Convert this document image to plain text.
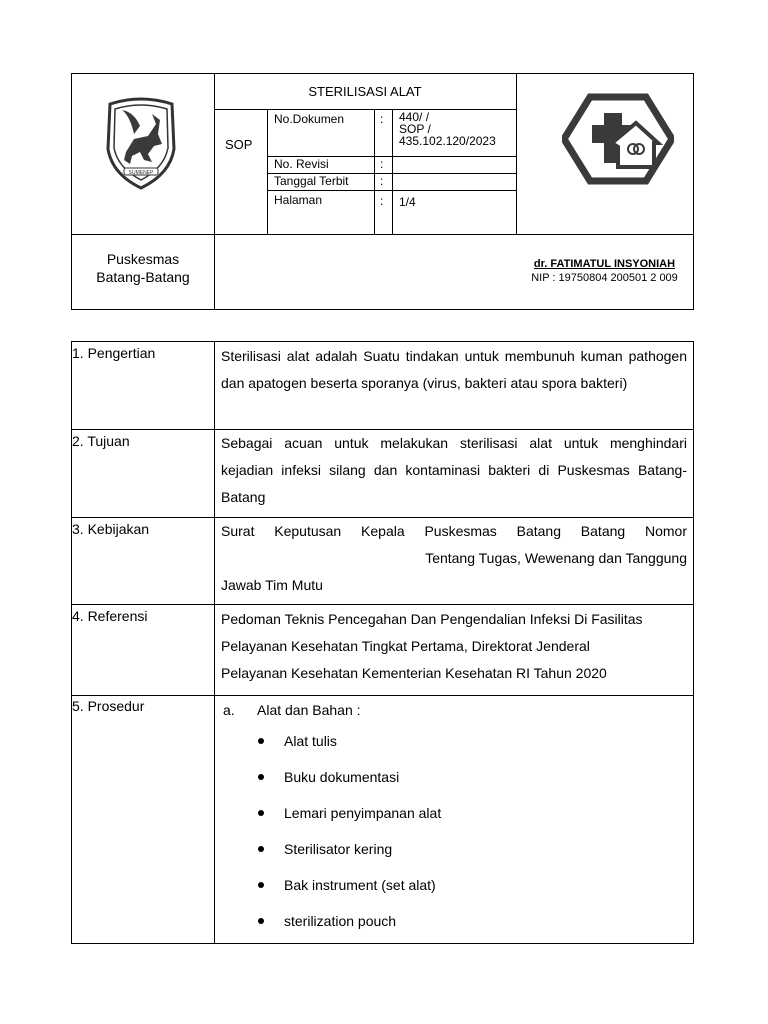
SUMENEP
STERILISASI ALAT
SOP
No.Dokumen	: 440/ /
SOP /
435.102.120/2023
No. Revisi	:
Tanggal Terbit	:
Halaman	: 1/4
Puskesmas
Batang-Batang
dr. FATIMATUL INSYONIAH
NIP : 19750804 200501 2 009
1. Pengertian	Sterilisasi alat adalah Suatu tindakan untuk membunuh kuman pathogen dan apatogen beserta sporanya (virus, bakteri atau spora bakteri)
2. Tujuan	Sebagai acuan untuk melakukan sterilisasi alat untuk menghindari kejadian infeksi silang dan kontaminasi bakteri di Puskesmas Batang-Batang
3. Kebijakan	Surat Keputusan Kepala Puskesmas Batang Batang Nomor
Tentang Tugas, Wewenang dan Tanggung
Jawab Tim Mutu
4. Referensi	Pedoman Teknis Pencegahan Dan Pengendalian Infeksi Di Fasilitas
Pelayanan Kesehatan Tingkat Pertama, Direktorat Jenderal
Pelayanan Kesehatan Kementerian Kesehatan RI Tahun 2020
5. Prosedur	a. Alat dan Bahan :
Alat tulis
Buku dokumentasi
Lemari penyimpanan alat
Sterilisator kering
Bak instrument (set alat)
sterilization pouch
